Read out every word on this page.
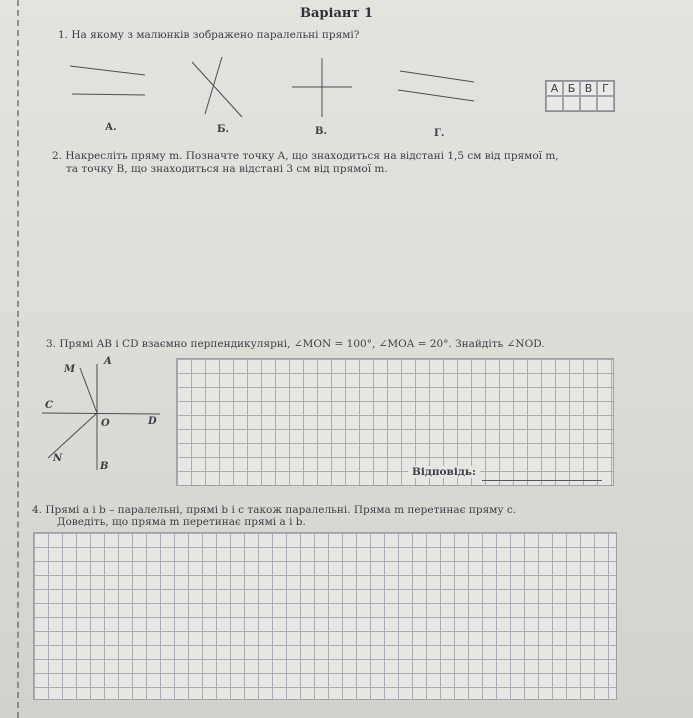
Варіант 1
1. На якому з малюнків зображено паралельні прямі?
А.	Б.	В.	Г.
А Б В Г
2. Накресліть пряму m. Позначте точку A, що знаходиться на відстані 1,5 см від прямої m,
та точку B, що знаходиться на відстані 3 см від прямої m.
3. Прямі AB і CD взаємно перпендикулярні, ∠MON = 100°, ∠MOA = 20°. Знайдіть ∠NOD.
A
M
C
O	D
N
B	Відповідь:
4. Прямі a і b – паралельні, прямі b і c також паралельні. Пряма m перетинає пряму c.
Доведіть, що пряма m перетинає прямі a і b.
